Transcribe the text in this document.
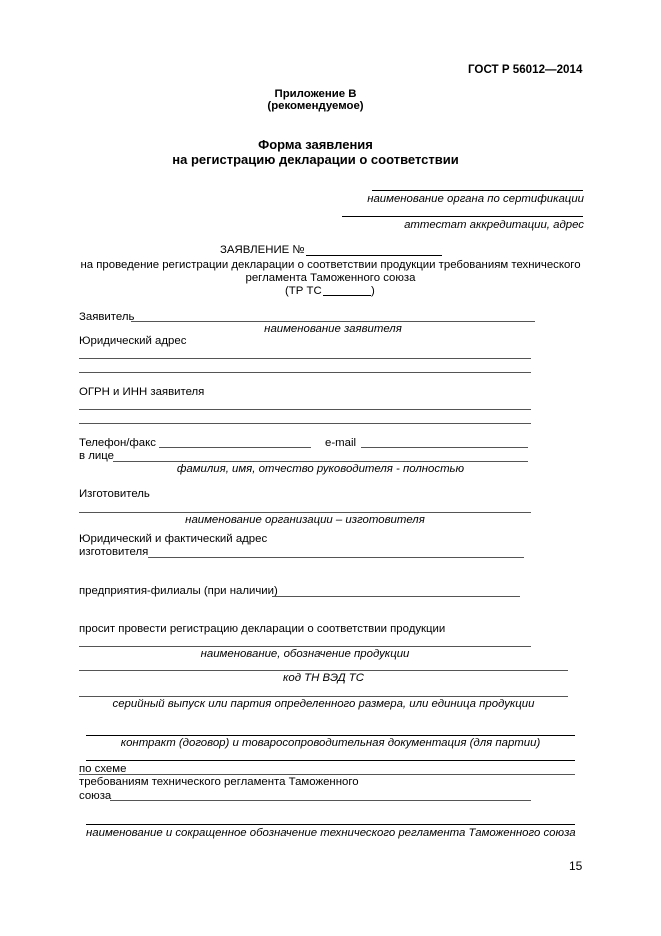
ГОСТ Р 56012—2014
Приложение В
(рекомендуемое)
Форма заявления
на регистрацию декларации о соответствии
наименование органа по сертификации
аттестат аккредитации, адрес
ЗАЯВЛЕНИЕ №
на проведение регистрации декларации о соответствии продукции требованиям технического
регламента Таможенного союза
(ТР ТС	)
Заявитель
наименование заявителя
Юридический адрес
ОГРН и ИНН заявителя
Телефон/факс	e-mail
в лице
фамилия, имя, отчество руководителя - полностью
Изготовитель
наименование организации – изготовителя
Юридический и фактический адрес
изготовителя
предприятия-филиалы (при наличии)
просит провести регистрацию декларации о соответствии продукции
наименование, обозначение продукции
код ТН ВЭД ТС
серийный выпуск или партия определенного размера, или единица продукции
контракт (договор) и товаросопроводительная документация (для партии)
по схеме
требованиям технического регламента Таможенного
союза
наименование и сокращенное обозначение технического регламента Таможенного союза
15
